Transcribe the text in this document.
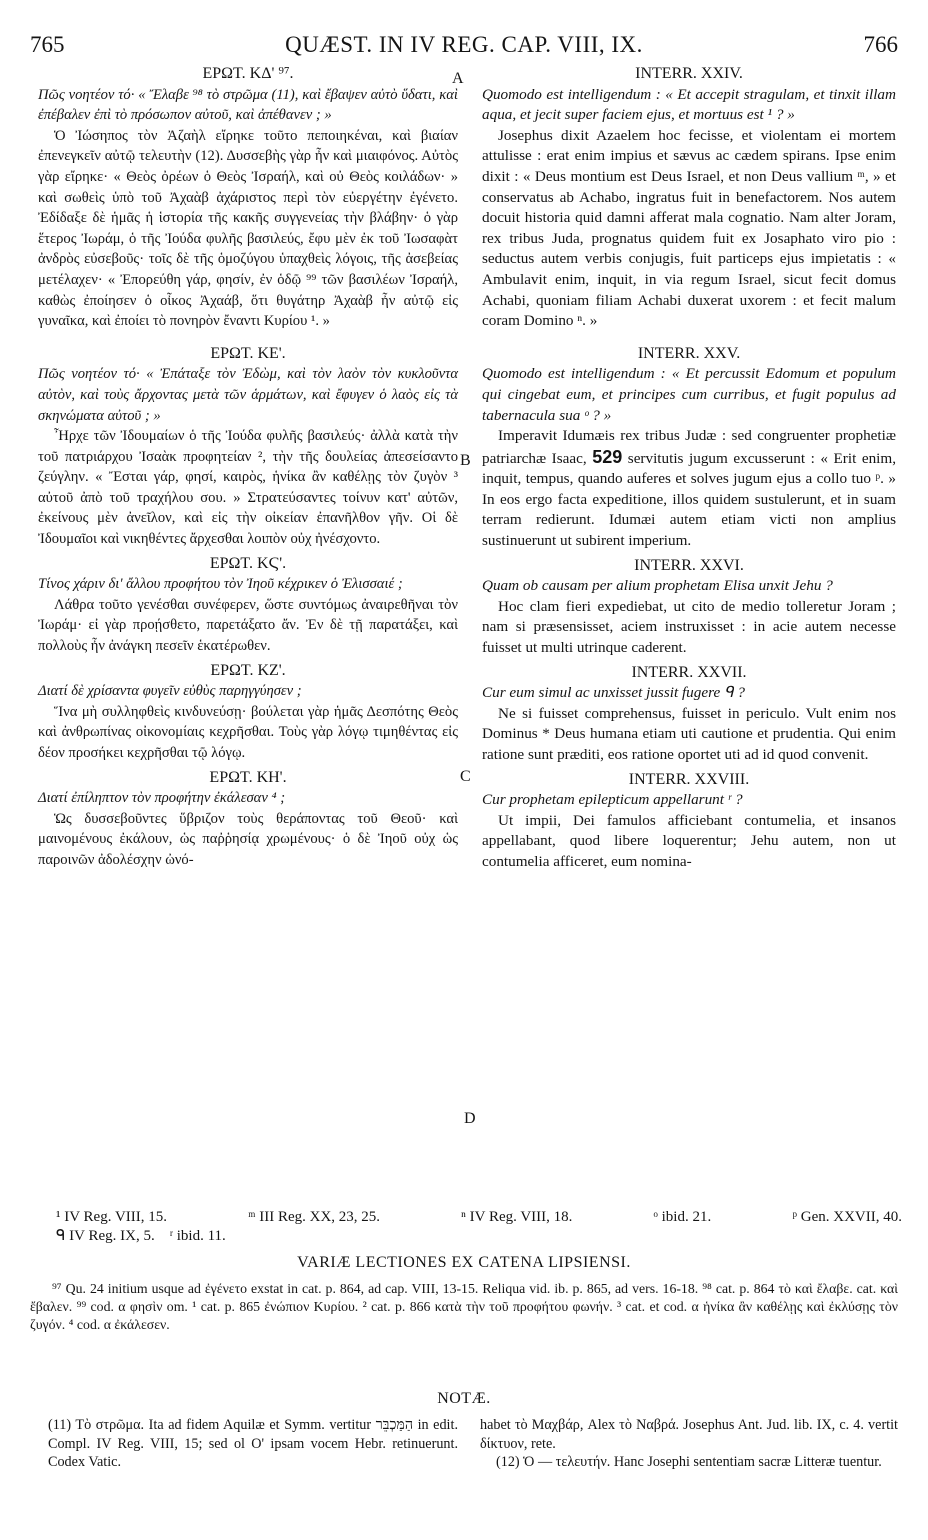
765	QUÆST. IN IV REG. CAP. VIII, IX.	766
A
B
C
D

ΕΡΩΤ. ΚΔ' ⁹⁷.

Πῶς νοητέον τό· « Ἔλαβε ⁹⁸ τὸ στρῶμα (11), καὶ ἔβαψεν αὐτὸ ὕδατι, καὶ ἐπέβαλεν ἐπὶ τὸ πρόσωπον αὐτοῦ, καὶ ἀπέθανεν ; »

Ὁ Ἰώσηπος τὸν Ἀζαὴλ εἴρηκε τοῦτο πεποιηκέναι, καὶ βιαίαν ἐπενεγκεῖν αὐτῷ τελευτὴν (12). Δυσσεβὴς γὰρ ἦν καὶ μιαιφόνος. Αὐτὸς γὰρ εἴρηκε· « Θεὸς ὀρέων ὁ Θεὸς Ἰσραήλ, καὶ οὐ Θεὸς κοιλάδων· » καὶ σωθεὶς ὑπὸ τοῦ Ἀχαὰβ ἀχάριστος περὶ τὸν εὐεργέτην ἐγένετο. Ἐδίδαξε δὲ ἡμᾶς ἡ ἱστορία τῆς κακῆς συγγενείας τὴν βλάβην· ὁ γὰρ ἕτερος Ἰωράμ, ὁ τῆς Ἰούδα φυλῆς βασιλεύς, ἔφυ μὲν ἐκ τοῦ Ἰωσαφὰτ ἀνδρὸς εὐσεβοῦς· τοῖς δὲ τῆς ὁμοζύγου ὑπαχθεὶς λόγοις, τῆς ἀσεβείας μετέλαχεν· « Ἐπορεύθη γάρ, φησίν, ἐν ὁδῷ ⁹⁹ τῶν βασιλέων Ἰσραήλ, καθὼς ἐποίησεν ὁ οἶκος Ἀχαάβ, ὅτι θυγάτηρ Ἀχαὰβ ἦν αὐτῷ εἰς γυναῖκα, καὶ ἐποίει τὸ πονηρὸν ἔναντι Κυρίου ¹. »

ΕΡΩΤ. ΚΕ'.

Πῶς νοητέον τό· « Ἐπάταξε τὸν Ἐδὼμ, καὶ τὸν λαὸν τὸν κυκλοῦντα αὐτὸν, καὶ τοὺς ἄρχοντας μετὰ τῶν ἁρμάτων, καὶ ἔφυγεν ὁ λαὸς εἰς τὰ σκηνώματα αὐτοῦ ; »

Ἦρχε τῶν Ἰδουμαίων ὁ τῆς Ἰούδα φυλῆς βασιλεύς· ἀλλὰ κατὰ τὴν τοῦ πατριάρχου Ἰσαὰκ προφητείαν ², τὴν τῆς δουλείας ἀπεσείσαντο ζεύγλην. « Ἔσται γάρ, φησί, καιρὸς, ἡνίκα ἂν καθέλῃς τὸν ζυγὸν ³ αὐτοῦ ἀπὸ τοῦ τραχήλου σου. » Στρατεύσαντες τοίνυν κατ' αὐτῶν, ἐκείνους μὲν ἀνεῖλον, καὶ εἰς τὴν οἰκείαν ἐπανῆλθον γῆν. Οἱ δὲ Ἰδουμαῖοι καὶ νικηθέντες ἄρχεσθαι λοιπὸν οὐχ ἠνέσχοντο.

ΕΡΩΤ. ΚϚ'.

Τίνος χάριν δι' ἄλλου προφήτου τὸν Ἰηοῦ κέχρικεν ὁ Ἐλισσαιέ ;

Λάθρα τοῦτο γενέσθαι συνέφερεν, ὥστε συντόμως ἀναιρεθῆναι τὸν Ἰωράμ· εἰ γὰρ προῄσθετο, παρετάξατο ἄν. Ἐν δὲ τῇ παρατάξει, καὶ πολλοὺς ἦν ἀνάγκη πεσεῖν ἑκατέρωθεν.

ΕΡΩΤ. ΚΖ'.

Διατί δὲ χρίσαντα φυγεῖν εὐθὺς παρηγγύησεν ;

Ἵνα μὴ συλληφθεὶς κινδυνεύσῃ· βούλεται γὰρ ἡμᾶς Δεσπότης Θεὸς καὶ ἀνθρωπίνας οἰκονομίαις κεχρῆσθαι. Τοὺς γὰρ λόγῳ τιμηθέντας εἰς δέον προσήκει κεχρῆσθαι τῷ λόγῳ.

ΕΡΩΤ. ΚΗ'.

Διατί ἐπίληπτον τὸν προφήτην ἐκάλεσαν ⁴ ;

Ὡς δυσσεβοῦντες ὕβριζον τοὺς θεράποντας τοῦ Θεοῦ· καὶ μαινομένους ἐκάλουν, ὡς παῤῥησίᾳ χρωμένους· ὁ δὲ Ἰηοῦ οὐχ ὡς παροινῶν ἀδολέσχην ὠνό-

INTERR. XXIV.

Quomodo est intelligendum : « Et accepit stragulam, et tinxit illam aqua, et jecit super faciem ejus, et mortuus est ¹ ? »

Josephus dixit Azaelem hoc fecisse, et violentam ei mortem attulisse : erat enim impius et sævus ac cædem spirans. Ipse enim dixit : « Deus montium est Deus Israel, et non Deus vallium ᵐ, » et conservatus ab Achabo, ingratus fuit in benefactorem. Nos autem docuit historia quid damni afferat mala cognatio. Nam alter Joram, rex tribus Juda, prognatus quidem fuit ex Josaphato viro pio : seductus autem verbis conjugis, fuit particeps ejus impietatis : « Ambulavit enim, inquit, in via regum Israel, sicut fecit domus Achabi, quoniam filiam Achabi duxerat uxorem : et fecit malum coram Domino ⁿ. »

INTERR. XXV.

Quomodo est intelligendum : « Et percussit Edomum et populum qui cingebat eum, et principes cum curribus, et fugit populus ad tabernacula sua ᵒ ? »

Imperavit Idumæis rex tribus Judæ : sed congruenter prophetiæ patriarchæ Isaac, 529 servitutis jugum excusserunt : « Erit enim, inquit, tempus, quando auferes et solves jugum ejus a collo tuo ᵖ. » In eos ergo facta expeditione, illos quidem sustulerunt, et in suam terram redierunt. Idumæi autem etiam victi non amplius sustinuerunt ut subirent imperium.

INTERR. XXVI.

Quam ob causam per alium prophetam Elisa unxit Jehu ?

Hoc clam fieri expediebat, ut cito de medio tolleretur Joram ; nam si præsensisset, aciem instruxisset : in acie autem necesse fuisset ut multi utrinque caderent.

INTERR. XXVII.

Cur eum simul ac unxisset jussit fugere ᑫ ?

Ne si fuisset comprehensus, fuisset in periculo. Vult enim nos Dominus * Deus humana etiam uti cautione et prudentia. Qui enim ratione sunt præditi, eos ratione oportet uti ad id quod convenit.

INTERR. XXVIII.

Cur prophetam epilepticum appellarunt ʳ ?

Ut impii, Dei famulos afficiebant contumelia, et insanos appellabant, quod libere loquerentur; Jehu autem, non ut contumelia afficeret, eum nomina-

¹ IV Reg. VIII, 15.	ᵐ III Reg. XX, 23, 25.	ⁿ IV Reg. VIII, 18.	ᵒ ibid. 21.	ᵖ Gen. XXVII, 40.
ᑫ IV Reg. IX, 5. ʳ ibid. 11.
VARIÆ LECTIONES EX CATENA LIPSIENSI.
⁹⁷ Qu. 24 initium usque ad ἐγένετο exstat in cat. p. 864, ad cap. VIII, 13-15. Reliqua vid. ib. p. 865, ad vers. 16-18. ⁹⁸ cat. p. 864 τὸ καὶ ἔλαβε. cat. καὶ ἔβαλεν. ⁹⁹ cod. α φησὶν om. ¹ cat. p. 865 ἐνώπιον Κυρίου. ² cat. p. 866 κατὰ τὴν τοῦ προφήτου φωνήν. ³ cat. et cod. α ἡνίκα ἂν καθέλῃς καὶ ἐκλύσῃς τὸν ζυγόν. ⁴ cod. α ἐκάλεσεν.
NOTÆ.
(11) Τὸ στρῶμα. Ita ad fidem Aquilæ et Symm. vertitur הַמַּכְבֵּר in edit. Compl. IV Reg. VIII, 15; sed ol O' ipsam vocem Hebr. retinuerunt. Codex Vatic.
habet τὸ Μαχβάρ, Alex τὸ Ναβρά. Josephus Ant. Jud. lib. IX, c. 4. vertit δίκτυον, rete.
(12) Ὁ — τελευτήν. Hanc Josephi sententiam sacræ Litteræ tuentur.
